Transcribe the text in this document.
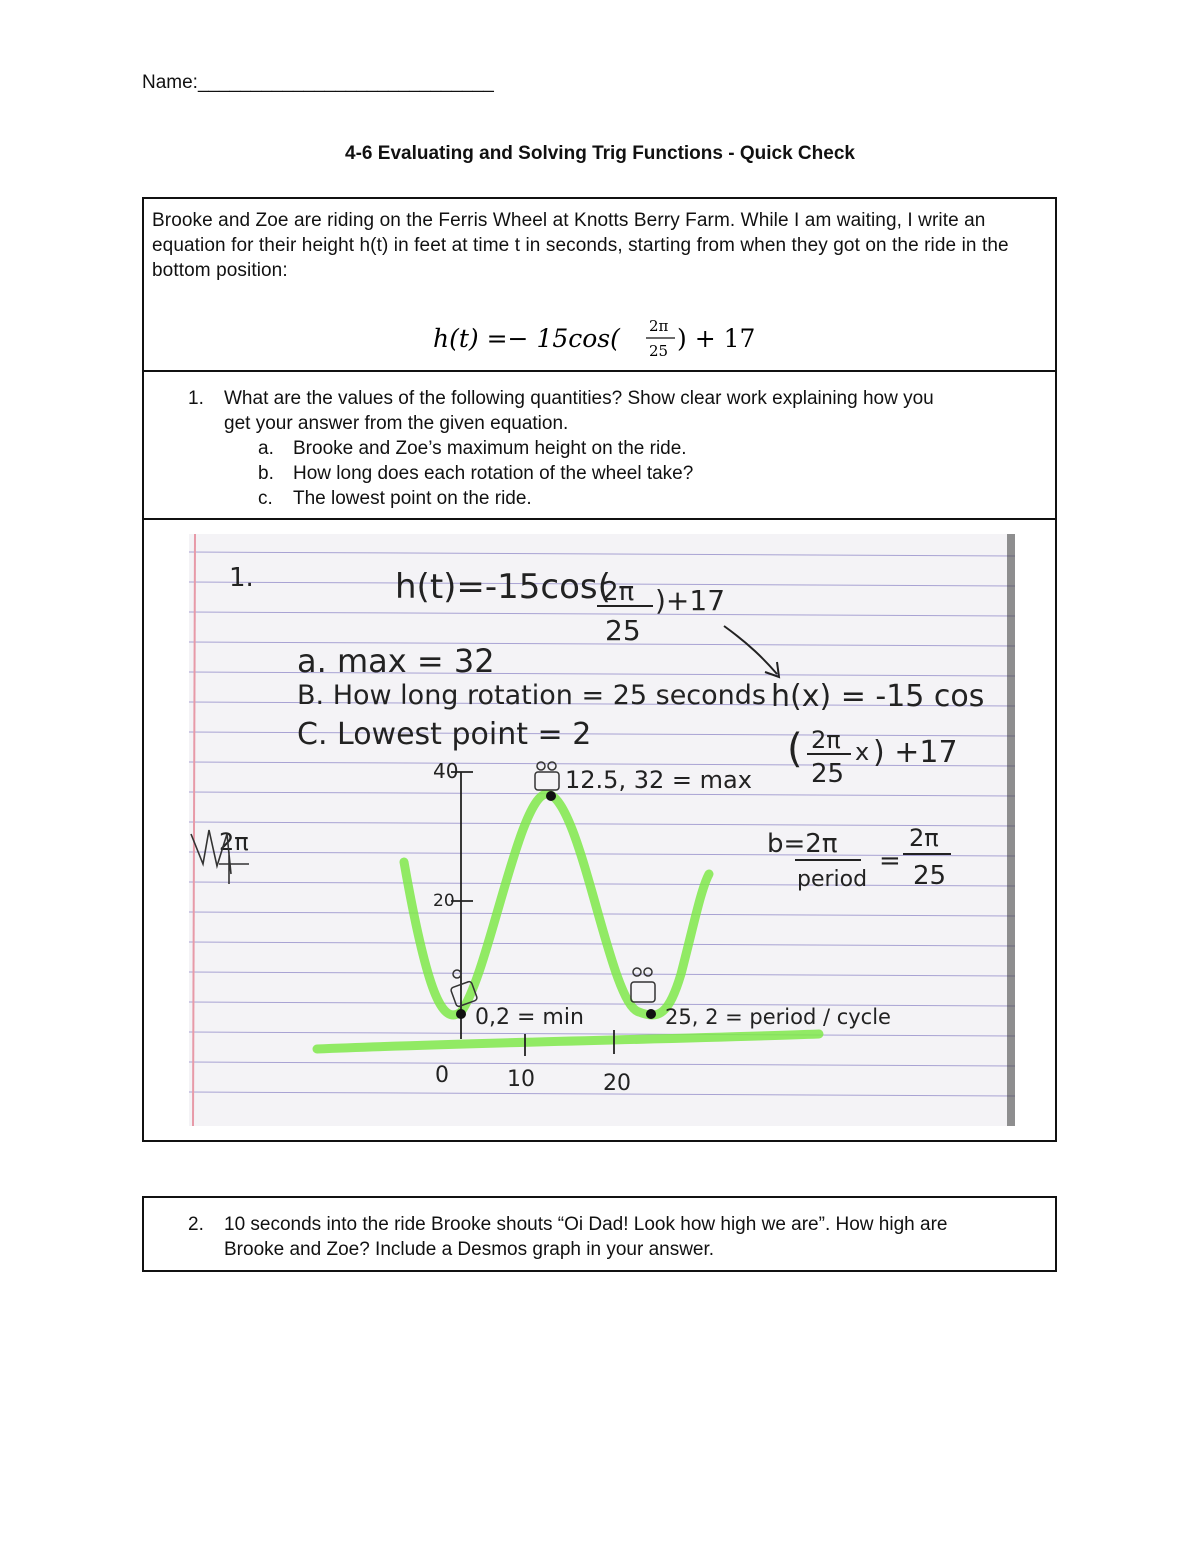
Name:____________________________
4-6 Evaluating and Solving Trig Functions - Quick Check
Brooke and Zoe are riding on the Ferris Wheel at Knotts Berry Farm. While I am waiting, I write an equation for their height h(t) in feet at time t in seconds, starting from when they got on the ride in the bottom position:
h(t) =− 15cos( 2π
25 ) + 17
1. What are the values of the following quantities? Show clear work explaining how you
get your answer from the given equation.
a. Brooke and Zoe’s maximum height on the ride.
b. How long does each rotation of the wheel take?
c. The lowest point on the ride.
1.	h(t)=-15cos(
2π
25
)+17
a. max = 32
B. How long rotation = 25 seconds
C. Lowest point = 2
h(x) = -15 cos
( 2π
25
x ) +17
b=2π
period
=
2π
25
12.5, 32 = max
0,2 = min	25, 2 = period / cycle
40
20
0	10	20
2π
2. 10 seconds into the ride Brooke shouts “Oi Dad! Look how high we are”. How high are
Brooke and Zoe? Include a Desmos graph in your answer.
